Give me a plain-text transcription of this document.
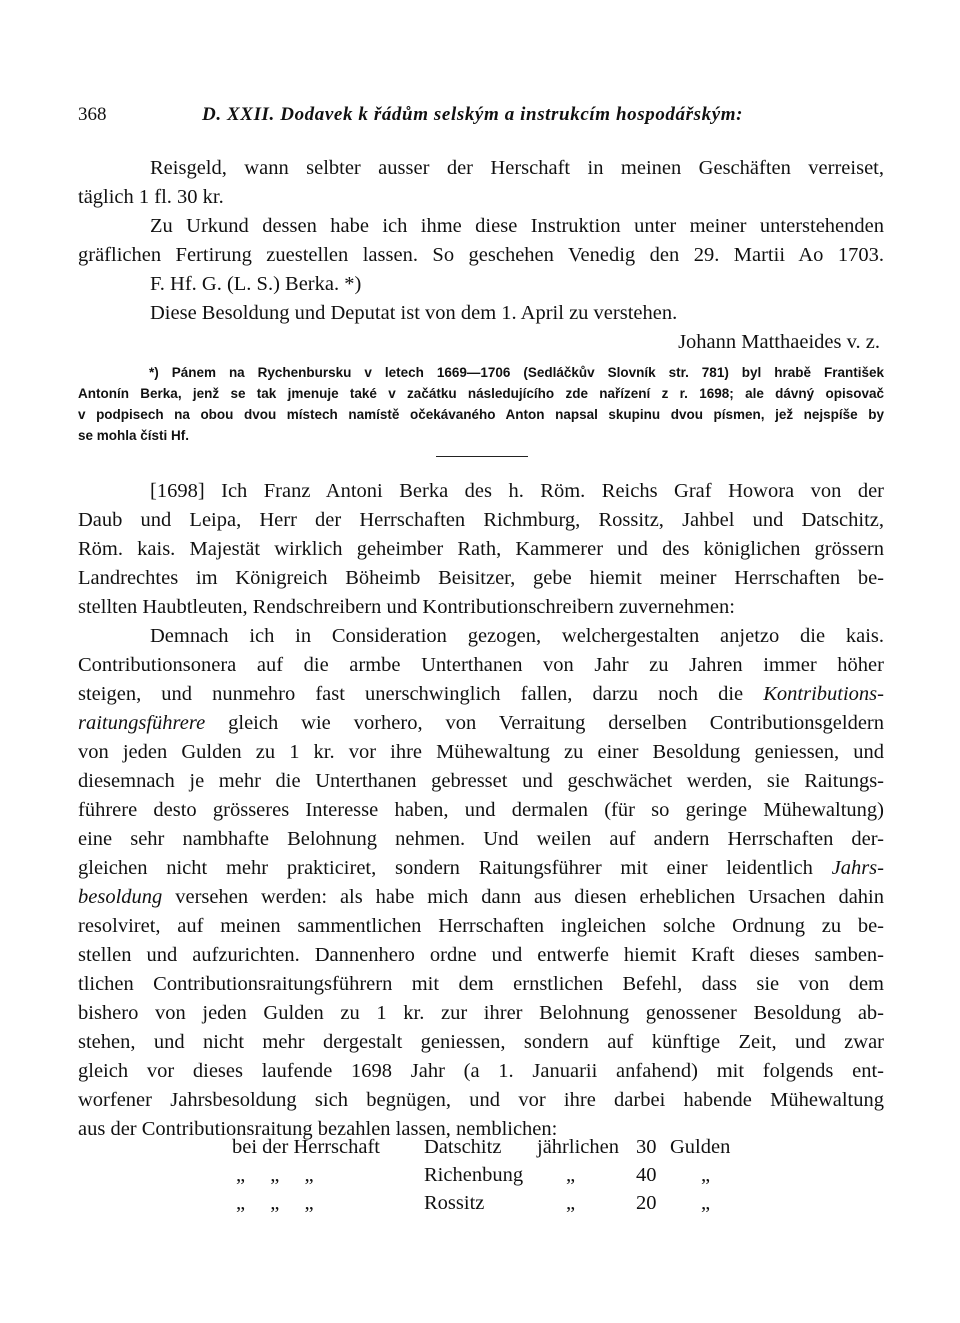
368	D. XXII. Dodavek k řádům selským a instrukcím hospodářským:
Reisgeld, wann selbter ausser der Herschaft in meinen Geschäften verreiset,
täglich 1 fl. 30 kr.
Zu Urkund dessen habe ich ihme diese Instruktion unter meiner unterstehenden
gräflichen Fertirung zuestellen lassen. So geschehen Venedig den 29. Martii Ao 1703.
F. Hf. G. (L. S.) Berka. *)
Diese Besoldung und Deputat ist von dem 1. April zu verstehen.
Johann Matthaeides v. z.
*) Pánem na Rychenbursku v letech 1669—1706 (Sedláčkův Slovník str. 781) byl hrabě František
Antonín Berka, jenž se tak jmenuje také v začátku následujícího zde nařízení z r. 1698; ale dávný opisovač
v podpisech na obou dvou místech namístě očekávaného Anton napsal skupinu dvou písmen, jež nejspíše by
se mohla čísti Hf.
[1698] Ich Franz Antoni Berka des h. Röm. Reichs Graf Howora von der
Daub und Leipa, Herr der Herrschaften Richmburg, Rossitz, Jahbel und Datschitz,
Röm. kais. Majestät wirklich geheimber Rath, Kammerer und des königlichen grössern
Landrechtes im Königreich Böheimb Beisitzer, gebe hiemit meiner Herrschaften be-
stellten Haubtleuten, Rendschreibern und Kontributionschreibern zuvernehmen:
Demnach ich in Consideration gezogen, welchergestalten anjetzo die kais.
Contributionsonera auf die armbe Unterthanen von Jahr zu Jahren immer höher
steigen, und nunmehro fast unerschwinglich fallen, darzu noch die Kontributions-
raitungsführere gleich wie vorhero, von Verraitung derselben Contributionsgeldern
von jeden Gulden zu 1 kr. vor ihre Mühewaltung zu einer Besoldung geniessen, und
diesemnach je mehr die Unterthanen gebresset und geschwächet werden, sie Raitungs-
führere desto grösseres Interesse haben, und dermalen (für so geringe Mühewaltung)
eine sehr nambhafte Belohnung nehmen. Und weilen auf andern Herrschaften der-
gleichen nicht mehr prakticiret, sondern Raitungsführer mit einer leidentlich Jahrs-
besoldung versehen werden: als habe mich dann aus diesen erheblichen Ursachen dahin
resolviret, auf meinen sammentlichen Herrschaften ingleichen solche Ordnung zu be-
stellen und aufzurichten. Dannenhero ordne und entwerfe hiemit Kraft dieses samben-
tlichen Contributionsraitungsführern mit dem ernstlichen Befehl, dass sie von dem
bishero von jeden Gulden zu 1 kr. zur ihrer Belohnung genossener Besoldung ab-
stehen, und nicht mehr dergestalt geniessen, sondern auf künftige Zeit, und zwar
gleich vor dieses laufende 1698 Jahr (a 1. Januarii anfahend) mit folgends ent-
worfener Jahrsbesoldung sich begnügen, und vor ihre darbei habende Mühewaltung
aus der Contributionsraitung bezahlen lassen, nemblichen:
bei der Herrschaft Datschitz jährlichen 30 Gulden
„ „ „	Richenbung „	40 „
„ „ „	Rossitz	„	20 „
